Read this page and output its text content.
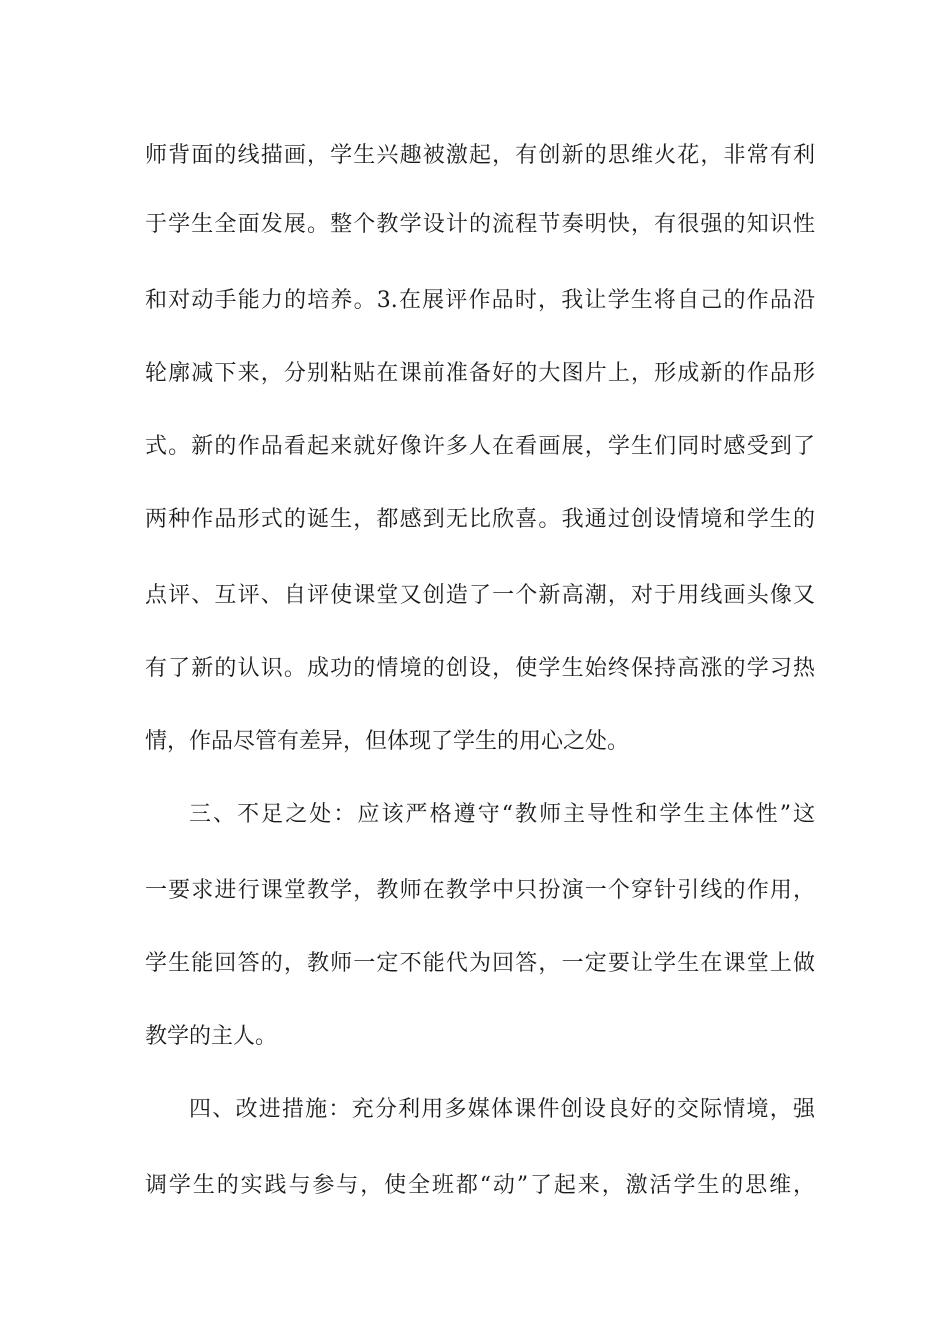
师背面的线描画，学生兴趣被激起，有创新的思维火花，非常有利
于学生全面发展。整个教学设计的流程节奏明快，有很强的知识性
和对动手能力的培养。3.在展评作品时，我让学生将自己的作品沿
轮廓减下来，分别粘贴在课前准备好的大图片上，形成新的作品形
式。新的作品看起来就好像许多人在看画展，学生们同时感受到了
两种作品形式的诞生，都感到无比欣喜。我通过创设情境和学生的
点评、互评、自评使课堂又创造了一个新高潮，对于用线画头像又
有了新的认识。成功的情境的创设，使学生始终保持高涨的学习热
情，作品尽管有差异，但体现了学生的用心之处。
三、不足之处：应该严格遵守“教师主导性和学生主体性”这
一要求进行课堂教学，教师在教学中只扮演一个穿针引线的作用，
学生能回答的，教师一定不能代为回答，一定要让学生在课堂上做
教学的主人。
四、改进措施：充分利用多媒体课件创设良好的交际情境，强
调学生的实践与参与，使全班都“动”了起来，激活学生的思维，
